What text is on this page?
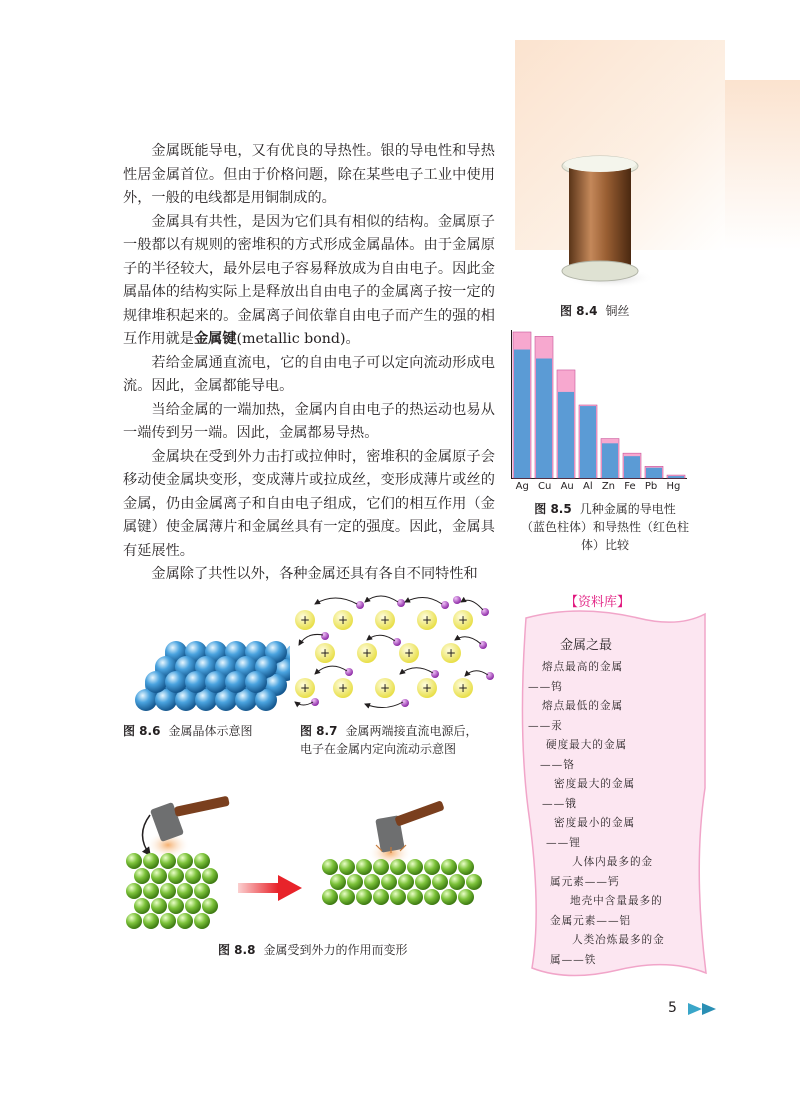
金属既能导电，又有优良的导热性。银的导电性和导热性居金属首位。但由于价格问题，除在某些电子工业中使用外，一般的电线都是用铜制成的。

金属具有共性，是因为它们具有相似的结构。金属原子一般都以有规则的密堆积的方式形成金属晶体。由于金属原子的半径较大，最外层电子容易释放成为自由电子。因此金属晶体的结构实际上是释放出自由电子的金属离子按一定的规律堆积起来的。金属离子间依靠自由电子而产生的强的相互作用就是金属键(metallic bond)。

若给金属通直流电，它的自由电子可以定向流动形成电流。因此，金属都能导电。

当给金属的一端加热，金属内自由电子的热运动也易从一端传到另一端。因此，金属都易导热。

金属块在受到外力击打或拉伸时，密堆积的金属原子会移动使金属块变形，变成薄片或拉成丝，变形成薄片或丝的金属，仍由金属离子和自由电子组成，它们的相互作用（金属键）使金属薄片和金属丝具有一定的强度。因此，金属具有延展性。

金属除了共性以外，各种金属还具有各自不同特性和

图 8.4 铜丝
Ag Cu Au Al Zn Fe Pb Hg
图 8.5 几种金属的导电性
（蓝色柱体）和导热性（红色柱
体）比较
图 8.6 金属晶体示意图
+ +	+	+ +
+	+	+	+
+ +	+	+ +
图 8.7 金属两端接直流电源后，
电子在金属内定向流动示意图
图 8.8 金属受到外力的作用而变形
【资料库】
金属之最
熔点最高的金属
——钨
熔点最低的金属
——汞
硬度最大的金属
——铬
密度最大的金属
——锇
密度最小的金属
——锂
人体内最多的金
属元素——钙
地壳中含量最多的
金属元素——铝
人类冶炼最多的金
属——铁
5
